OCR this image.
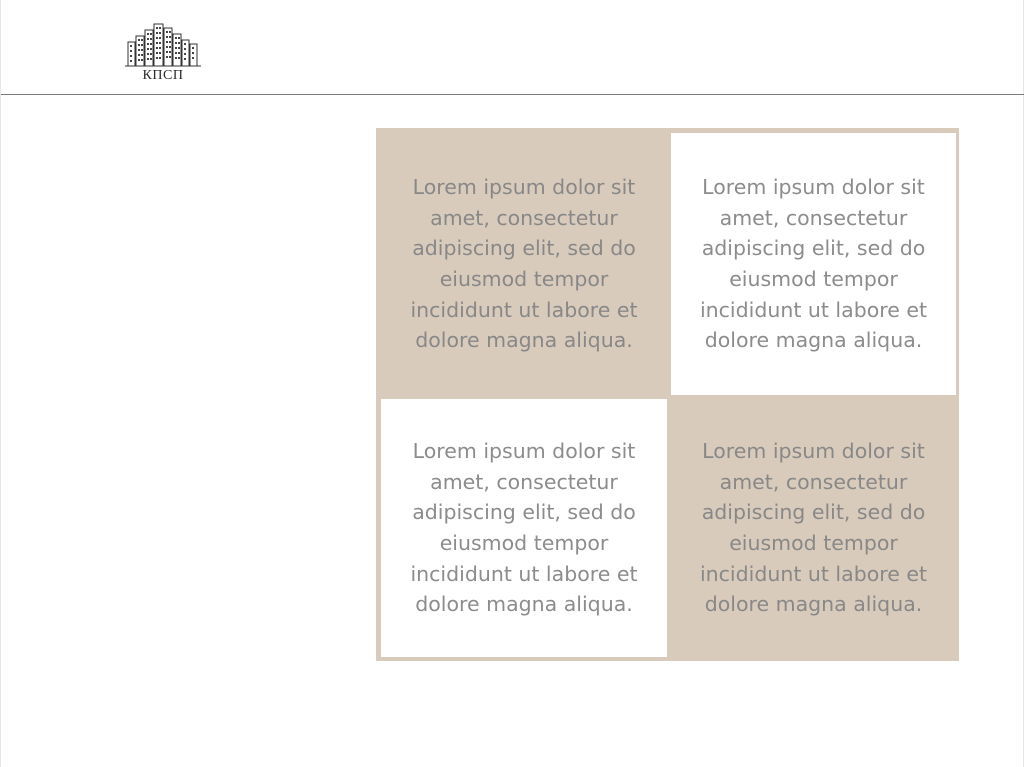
КПСП
Lorem ipsum dolor sit amet, consectetur adipiscing elit, sed do eiusmod tempor incididunt ut labore et dolore magna aliqua.
Lorem ipsum dolor sit amet, consectetur adipiscing elit, sed do eiusmod tempor incididunt ut labore et dolore magna aliqua.
Lorem ipsum dolor sit amet, consectetur adipiscing elit, sed do eiusmod tempor incididunt ut labore et dolore magna aliqua.
Lorem ipsum dolor sit amet, consectetur adipiscing elit, sed do eiusmod tempor incididunt ut labore et dolore magna aliqua.
